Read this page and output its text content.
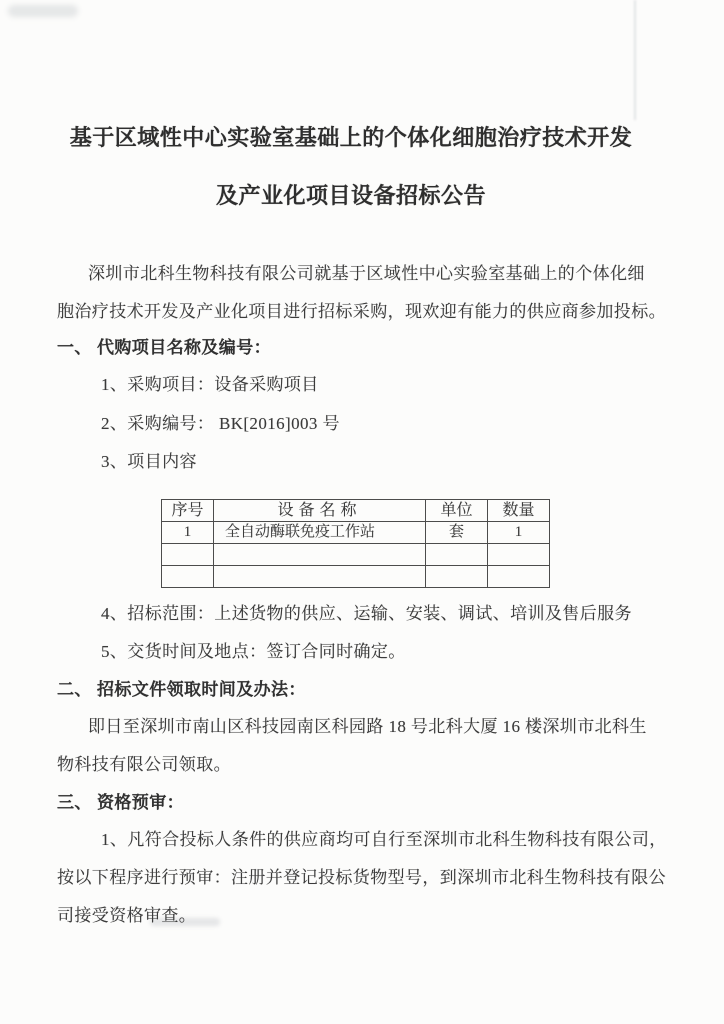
基于区域性中心实验室基础上的个体化细胞治疗技术开发
及产业化项目设备招标公告
深圳市北科生物科技有限公司就基于区域性中心实验室基础上的个体化细
胞治疗技术开发及产业化项目进行招标采购，现欢迎有能力的供应商参加投标。
一、 代购项目名称及编号：
1、采购项目：设备采购项目
2、采购编号： BK[2016]003 号
3、项目内容
序号	设备名称	单位	数量
1	全自动酶联免疫工作站	套	1

4、招标范围：上述货物的供应、运输、安装、调试、培训及售后服务
5、交货时间及地点：签订合同时确定。
二、 招标文件领取时间及办法：
即日至深圳市南山区科技园南区科园路 18 号北科大厦 16 楼深圳市北科生
物科技有限公司领取。
三、 资格预审：
1、凡符合投标人条件的供应商均可自行至深圳市北科生物科技有限公司，
按以下程序进行预审：注册并登记投标货物型号，到深圳市北科生物科技有限公
司接受资格审查。
